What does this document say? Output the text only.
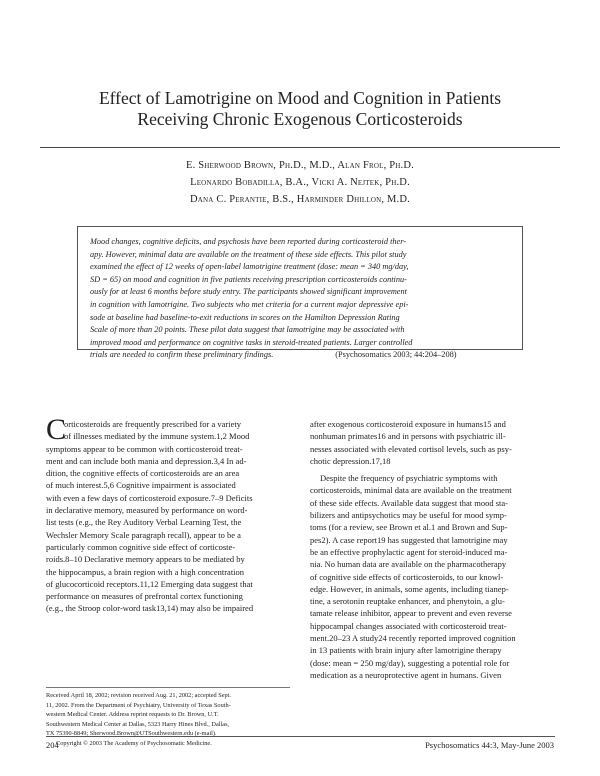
Effect of Lamotrigine on Mood and Cognition in Patients
Receiving Chronic Exogenous Corticosteroids
E. Sherwood Brown, Ph.D., M.D., Alan Frol, Ph.D.
Leonardo Bobadilla, B.A., Vicki A. Nejtek, Ph.D.
Dana C. Perantie, B.S., Harminder Dhillon, M.D.
Mood changes, cognitive deficits, and psychosis have been reported during corticosteroid ther-
apy. However, minimal data are available on the treatment of these side effects. This pilot study
examined the effect of 12 weeks of open-label lamotrigine treatment (dose: mean = 340 mg/day,
SD = 65) on mood and cognition in five patients receiving prescription corticosteroids continu-
ously for at least 6 months before study entry. The participants showed significant improvement
in cognition with lamotrigine. Two subjects who met criteria for a current major depressive epi-
sode at baseline had baseline-to-exit reductions in scores on the Hamilton Depression Rating
Scale of more than 20 points. These pilot data suggest that lamotrigine may be associated with
improved mood and performance on cognitive tasks in steroid-treated patients. Larger controlled
trials are needed to confirm these preliminary findings.	(Psychosomatics 2003; 44:204–208)
C
orticosteroids are frequently prescribed for a variety
of illnesses mediated by the immune system.1,2 Mood
symptoms appear to be common with corticosteroid treat-
ment and can include both mania and depression.3,4 In ad-
dition, the cognitive effects of corticosteroids are an area
of much interest.5,6 Cognitive impairment is associated
with even a few days of corticosteroid exposure.7–9 Deficits
in declarative memory, measured by performance on word-
list tests (e.g., the Rey Auditory Verbal Learning Test, the
Wechsler Memory Scale paragraph recall), appear to be a
particularly common cognitive side effect of corticoste-
roids.8–10 Declarative memory appears to be mediated by
the hippocampus, a brain region with a high concentration
of glucocorticoid receptors.11,12 Emerging data suggest that
performance on measures of prefrontal cortex functioning
(e.g., the Stroop color-word task13,14) may also be impaired
Received April 18, 2002; revision received Aug. 21, 2002; accepted Sept.
11, 2002. From the Department of Psychiatry, University of Texas South-
western Medical Center. Address reprint requests to Dr. Brown, U.T.
Southwestern Medical Center at Dallas, 5323 Harry Hines Blvd., Dallas,
TX 75390-8849; Sherwood.Brown@UTSouthwestern.edu (e-mail).
Copyright © 2003 The Academy of Psychosomatic Medicine.
after exogenous corticosteroid exposure in humans15 and
nonhuman primates16 and in persons with psychiatric ill-
nesses associated with elevated cortisol levels, such as psy-
chotic depression.17,18
Despite the frequency of psychiatric symptoms with
corticosteroids, minimal data are available on the treatment
of these side effects. Available data suggest that mood sta-
bilizers and antipsychotics may be useful for mood symp-
toms (for a review, see Brown et al.1 and Brown and Sup-
pes2). A case report19 has suggested that lamotrigine may
be an effective prophylactic agent for steroid-induced ma-
nia. No human data are available on the pharmacotherapy
of cognitive side effects of corticosteroids, to our knowl-
edge. However, in animals, some agents, including tianep-
tine, a serotonin reuptake enhancer, and phenytoin, a glu-
tamate release inhibitor, appear to prevent and even reverse
hippocampal changes associated with corticosteroid treat-
ment.20–23 A study24 recently reported improved cognition
in 13 patients with brain injury after lamotrigine therapy
(dose: mean = 250 mg/day), suggesting a potential role for
medication as a neuroprotective agent in humans. Given
204	Psychosomatics 44:3, May-June 2003
